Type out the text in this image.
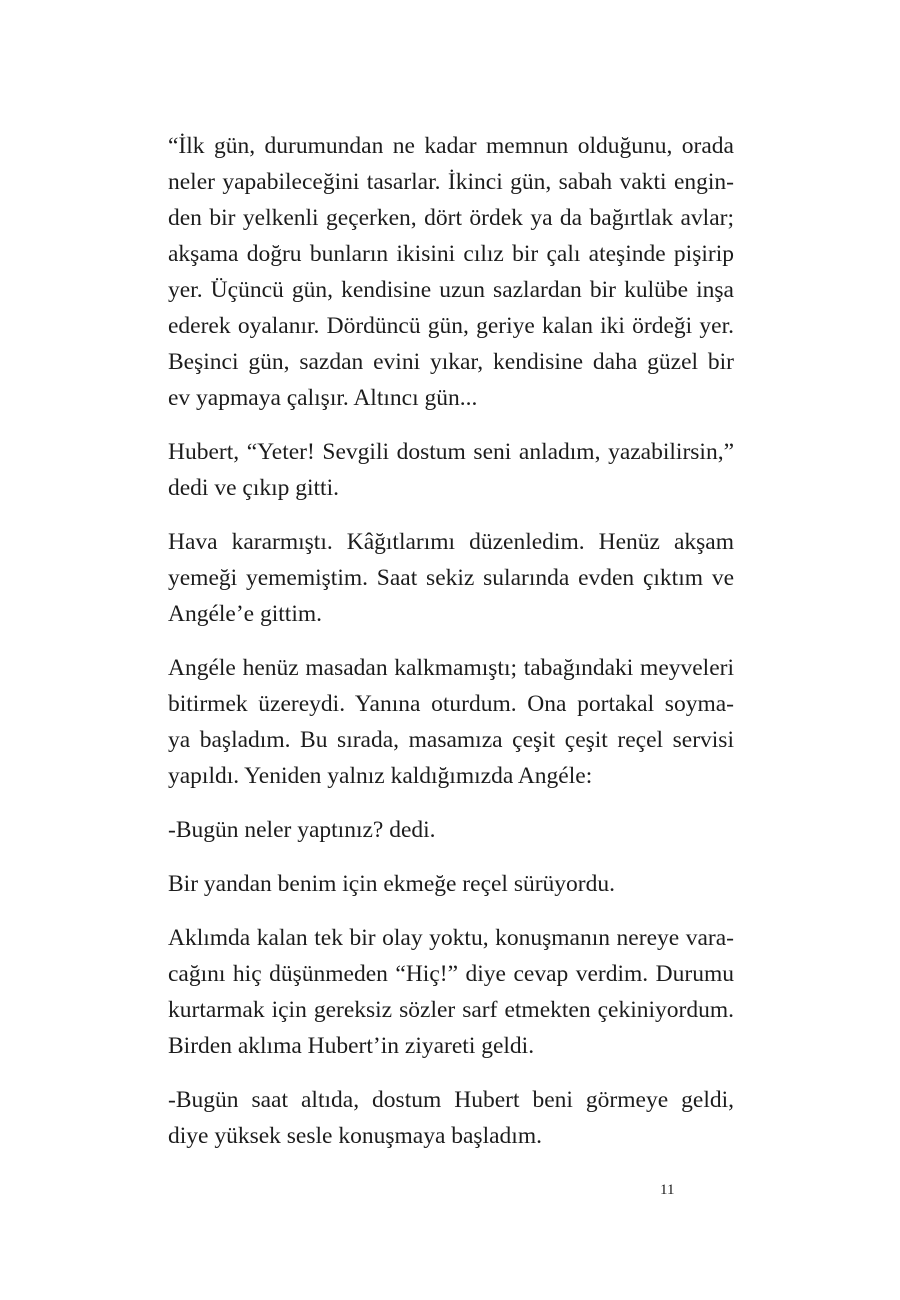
“İlk gün, durumundan ne kadar memnun olduğunu, orada
neler yapabileceğini tasarlar. İkinci gün, sabah vakti engin-
den bir yelkenli geçerken, dört ördek ya da bağırtlak avlar;
akşama doğru bunların ikisini cılız bir çalı ateşinde pişirip
yer. Üçüncü gün, kendisine uzun sazlardan bir kulübe inşa
ederek oyalanır. Dördüncü gün, geriye kalan iki ördeği yer.
Beşinci gün, sazdan evini yıkar, kendisine daha güzel bir
ev yapmaya çalışır. Altıncı gün...

Hubert, “Yeter! Sevgili dostum seni anladım, yazabilirsin,”
dedi ve çıkıp gitti.

Hava kararmıştı. Kâğıtlarımı düzenledim. Henüz akşam
yemeği yememiştim. Saat sekiz sularında evden çıktım ve
Angéle’e gittim.

Angéle henüz masadan kalkmamıştı; tabağındaki meyveleri
bitirmek üzereydi. Yanına oturdum. Ona portakal soyma-
ya başladım. Bu sırada, masamıza çeşit çeşit reçel servisi
yapıldı. Yeniden yalnız kaldığımızda Angéle:

-Bugün neler yaptınız? dedi.

Bir yandan benim için ekmeğe reçel sürüyordu.

Aklımda kalan tek bir olay yoktu, konuşmanın nereye vara-
cağını hiç düşünmeden “Hiç!” diye cevap verdim. Durumu
kurtarmak için gereksiz sözler sarf etmekten çekiniyordum.
Birden aklıma Hubert’in ziyareti geldi.

-Bugün saat altıda, dostum Hubert beni görmeye geldi,
diye yüksek sesle konuşmaya başladım.

11
